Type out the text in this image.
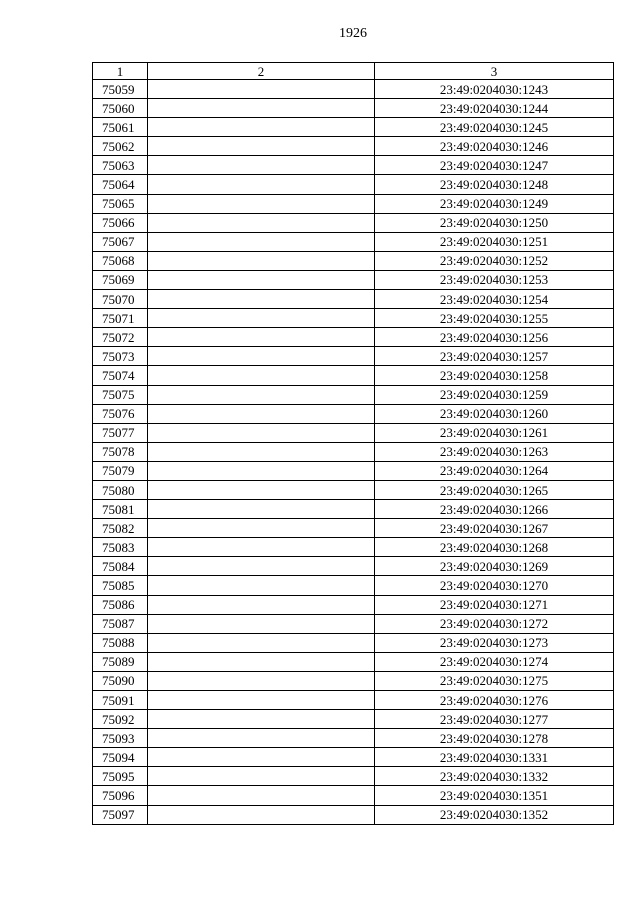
1926
1	2	3
75059		23:49:0204030:1243
75060		23:49:0204030:1244
75061		23:49:0204030:1245
75062		23:49:0204030:1246
75063		23:49:0204030:1247
75064		23:49:0204030:1248
75065		23:49:0204030:1249
75066		23:49:0204030:1250
75067		23:49:0204030:1251
75068		23:49:0204030:1252
75069		23:49:0204030:1253
75070		23:49:0204030:1254
75071		23:49:0204030:1255
75072		23:49:0204030:1256
75073		23:49:0204030:1257
75074		23:49:0204030:1258
75075		23:49:0204030:1259
75076		23:49:0204030:1260
75077		23:49:0204030:1261
75078		23:49:0204030:1263
75079		23:49:0204030:1264
75080		23:49:0204030:1265
75081		23:49:0204030:1266
75082		23:49:0204030:1267
75083		23:49:0204030:1268
75084		23:49:0204030:1269
75085		23:49:0204030:1270
75086		23:49:0204030:1271
75087		23:49:0204030:1272
75088		23:49:0204030:1273
75089		23:49:0204030:1274
75090		23:49:0204030:1275
75091		23:49:0204030:1276
75092		23:49:0204030:1277
75093		23:49:0204030:1278
75094		23:49:0204030:1331
75095		23:49:0204030:1332
75096		23:49:0204030:1351
75097		23:49:0204030:1352
